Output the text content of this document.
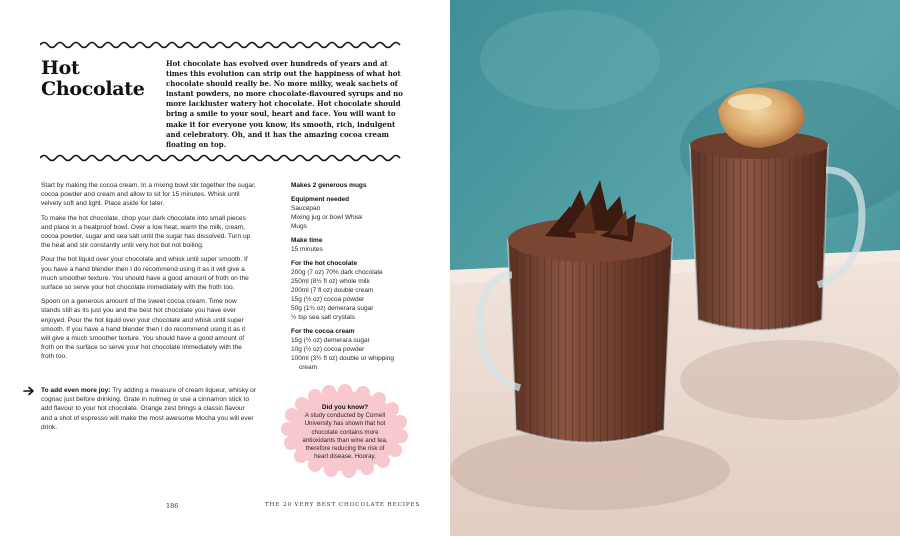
Hot
Chocolate

Hot chocolate has evolved over hundreds of years and at times this evolution can strip out the happiness of what hot chocolate should really be. No more milky, weak sachets of instant powders, no more chocolate-flavoured syrups and no more lackluster watery hot chocolate. Hot chocolate should bring a smile to your soul, heart and face. You will want to make it for everyone you know, its smooth, rich, indulgent and celebratory. Oh, and it has the amazing cocoa cream floating on top.

Start by making the cocoa cream. In a mixing bowl stir together the sugar, cocoa powder and cream and allow to sit for 15 minutes. Whisk until velvety soft and light. Place aside for later.

To make the hot chocolate, chop your dark chocolate into small pieces and place in a heatproof bowl. Over a low heat, warm the milk, cream, cocoa powder, sugar and sea salt until the sugar has dissolved. Turn up the heat and stir constantly until very hot but not boiling.

Pour the hot liquid over your chocolate and whisk until super smooth. If you have a hand blender then I do recommend using it as it will give a much smoother texture. You should have a good amount of froth on the surface so serve your hot chocolate immediately with the froth too.

Spoon on a generous amount of the sweet cocoa cream. Time now stands still as its just you and the best hot chocolate you have ever enjoyed. Pour the hot liquid over your chocolate and whisk until super smooth. If you have a hand blender then I do recommend using it as it will give a much smoother texture. You should have a good amount of froth on the surface so serve your hot chocolate immediately with the froth too.

To add even more joy: Try adding a measure of cream liqueur, whisky or cognac just before drinking. Grate in nutmeg or use a cinnamon stick to add flavour to your hot chocolate. Orange zest brings a classic flavour and a shot of espresso will make the most awesome Mocha you will ever drink.
Makes 2 generous mugs
Equipment needed
Saucepan
Mixing jug or bowl Whisk
Mugs
Make time
15 minutes
For the hot chocolate
200g (7 oz) 70% dark chocolate
250ml (8½ fl oz) whole milk
200ml (7 fl oz) double cream
15g (½ oz) cocoa powder
50g (1¾ oz) demerara sugar
½ tsp sea salt crystals
For the cocoa cream
15g (½ oz) demerara sugar
10g (½ oz) cocoa powder
100ml (3½ fl oz) double or whipping
cream
Did you know?
A study conducted by Cornell University has shown that hot chocolate contains more antioxidants than wine and tea, therefore reducing the risk of heart disease. Hooray.
186	THE 20 VERY BEST CHOCOLATE RECIPES
